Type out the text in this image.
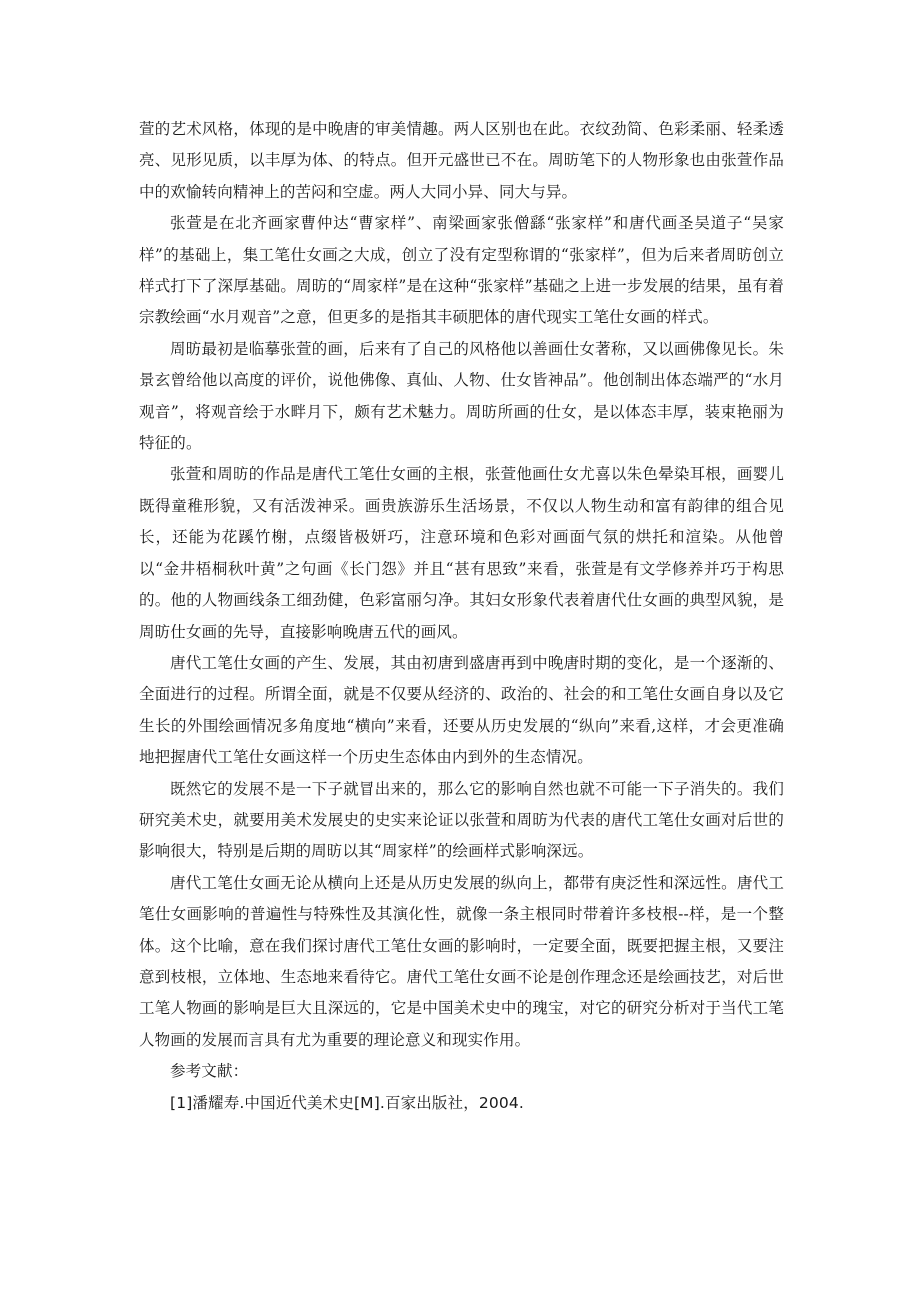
萱的艺术风格，体现的是中晚唐的审美情趣。两人区别也在此。衣纹劲简、色彩柔丽、轻柔透亮、见形见质，以丰厚为体、的特点。但开元盛世已不在。周昉笔下的人物形象也由张萱作品中的欢愉转向精神上的苦闷和空虚。两人大同小异、同大与异。

张萱是在北齐画家曹仲达“曹家样”、南梁画家张僧繇“张家样”和唐代画圣吴道子“吴家样”的基础上，集工笔仕女画之大成，创立了没有定型称谓的“张家样”，但为后来者周昉创立样式打下了深厚基础。周昉的“周家样”是在这种“张家样”基础之上进一步发展的结果，虽有着宗教绘画“水月观音”之意，但更多的是指其丰硕肥体的唐代现实工笔仕女画的样式。

周昉最初是临摹张萱的画，后来有了自己的风格他以善画仕女著称，又以画佛像见长。朱景玄曾给他以高度的评价，说他佛像、真仙、人物、仕女皆神品”。他创制出体态端严的“水月观音”，将观音绘于水畔月下，颇有艺术魅力。周昉所画的仕女，是以体态丰厚，装束艳丽为特征的。

张萱和周昉的作品是唐代工笔仕女画的主根，张萱他画仕女尤喜以朱色晕染耳根，画婴儿既得童稚形貌，又有活泼神采。画贵族游乐生活场景，不仅以人物生动和富有韵律的组合见长，还能为花蹊竹榭，点缀皆极妍巧，注意环境和色彩对画面气氛的烘托和渲染。从他曾以“金井梧桐秋叶黄”之句画《长门怨》并且“甚有思致”来看，张萱是有文学修养并巧于构思的。他的人物画线条工细劲健，色彩富丽匀净。其妇女形象代表着唐代仕女画的典型风貌，是周昉仕女画的先导，直接影响晚唐五代的画风。

唐代工笔仕女画的产生、发展，其由初唐到盛唐再到中晚唐时期的变化，是一个逐渐的、全面进行的过程。所谓全面，就是不仅要从经济的、政治的、社会的和工笔仕女画自身以及它生长的外围绘画情况多角度地“横向”来看，还要从历史发展的“纵向”来看,这样，才会更准确地把握唐代工笔仕女画这样一个历史生态体由内到外的生态情况。

既然它的发展不是一下子就冒出来的，那么它的影响自然也就不可能一下子消失的。我们研究美术史，就要用美术发展史的史实来论证以张萱和周昉为代表的唐代工笔仕女画对后世的影响很大，特别是后期的周昉以其“周家样”的绘画样式影响深远。

唐代工笔仕女画无论从横向上还是从历史发展的纵向上，都带有庚泛性和深远性。唐代工笔仕女画影响的普遍性与特殊性及其演化性，就像一条主根同时带着许多枝根--样，是一个整体。这个比喻，意在我们探讨唐代工笔仕女画的影响时，一定要全面，既要把握主根，又要注意到枝根，立体地、生态地来看待它。唐代工笔仕女画不论是创作理念还是绘画技艺，对后世工笔人物画的影响是巨大且深远的，它是中国美术史中的瑰宝，对它的研究分析对于当代工笔人物画的发展而言具有尤为重要的理论意义和现实作用。

参考文献：

[1]潘耀寿.中国近代美术史[M].百家出版社，2004.
